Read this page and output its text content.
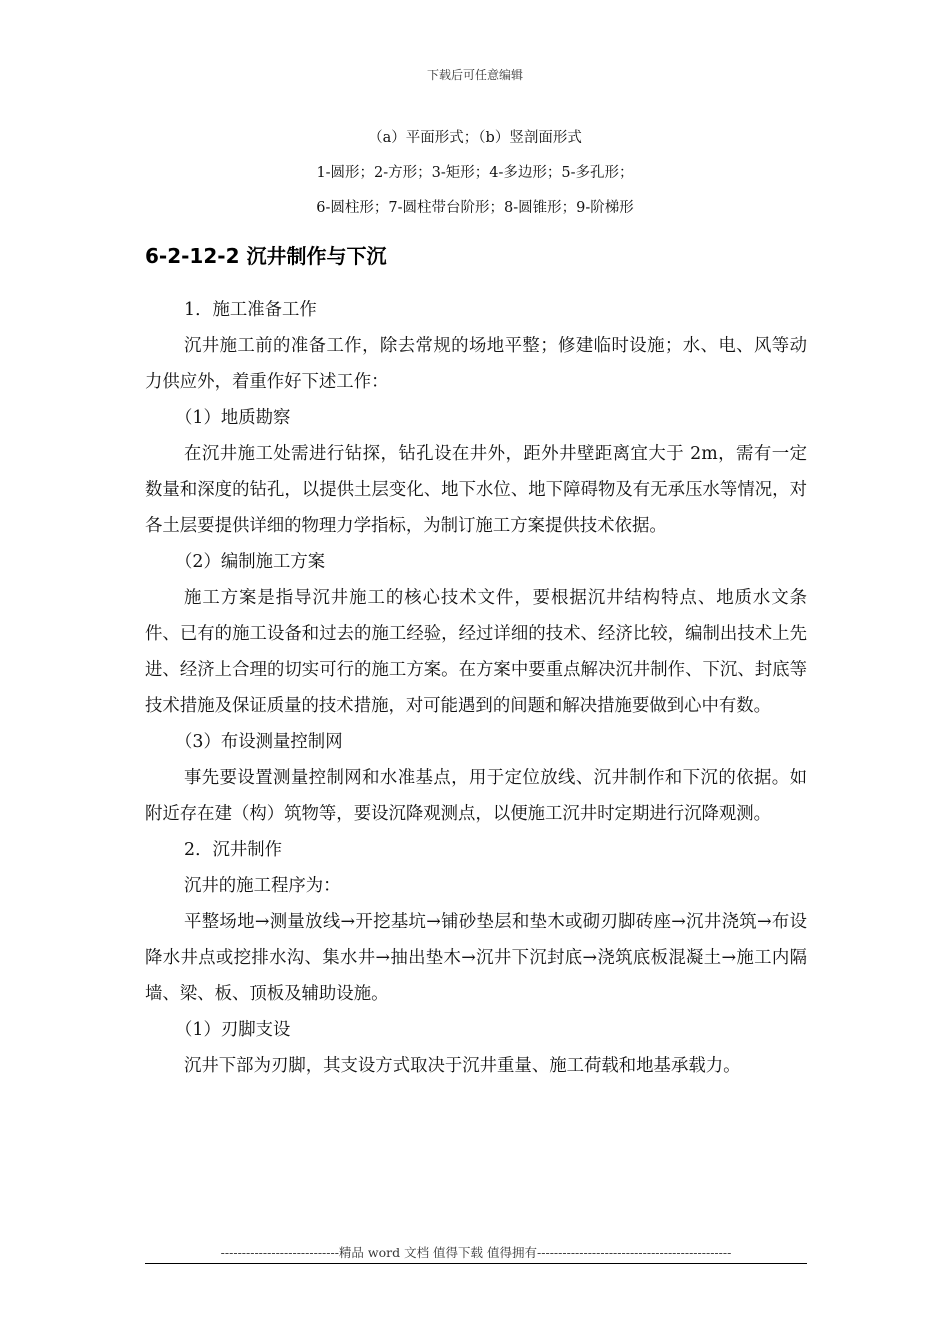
下载后可任意编辑
（a）平面形式；（b）竖剖面形式
1-圆形；2-方形；3-矩形；4-多边形；5-多孔形；
6-圆柱形；7-圆柱带台阶形；8-圆锥形；9-阶梯形
6-2-12-2 沉井制作与下沉

1．施工准备工作

沉井施工前的准备工作，除去常规的场地平整；修建临时设施；水、电、风等动力供应外，着重作好下述工作：

（1）地质勘察

在沉井施工处需进行钻探，钻孔设在井外，距外井壁距离宜大于 2m，需有一定数量和深度的钻孔，以提供土层变化、地下水位、地下障碍物及有无承压水等情况，对各土层要提供详细的物理力学指标，为制订施工方案提供技术依据。

（2）编制施工方案

施工方案是指导沉井施工的核心技术文件，要根据沉井结构特点、地质水文条件、已有的施工设备和过去的施工经验，经过详细的技术、经济比较，编制出技术上先进、经济上合理的切实可行的施工方案。在方案中要重点解决沉井制作、下沉、封底等技术措施及保证质量的技术措施，对可能遇到的间题和解决措施要做到心中有数。

（3）布设测量控制网

事先要设置测量控制网和水准基点，用于定位放线、沉井制作和下沉的依据。如附近存在建（构）筑物等，要设沉降观测点，以便施工沉井时定期进行沉降观测。

2．沉井制作

沉井的施工程序为：

平整场地→测量放线→开挖基坑→铺砂垫层和垫木或砌刃脚砖座→沉井浇筑→布设降水井点或挖排水沟、集水井→抽出垫木→沉井下沉封底→浇筑底板混凝土→施工内隔墙、梁、板、顶板及辅助设施。

（1）刃脚支设

沉井下部为刃脚，其支设方式取决于沉井重量、施工荷载和地基承载力。

----------------------------精品 word 文档 值得下载 值得拥有----------------------------------------------
